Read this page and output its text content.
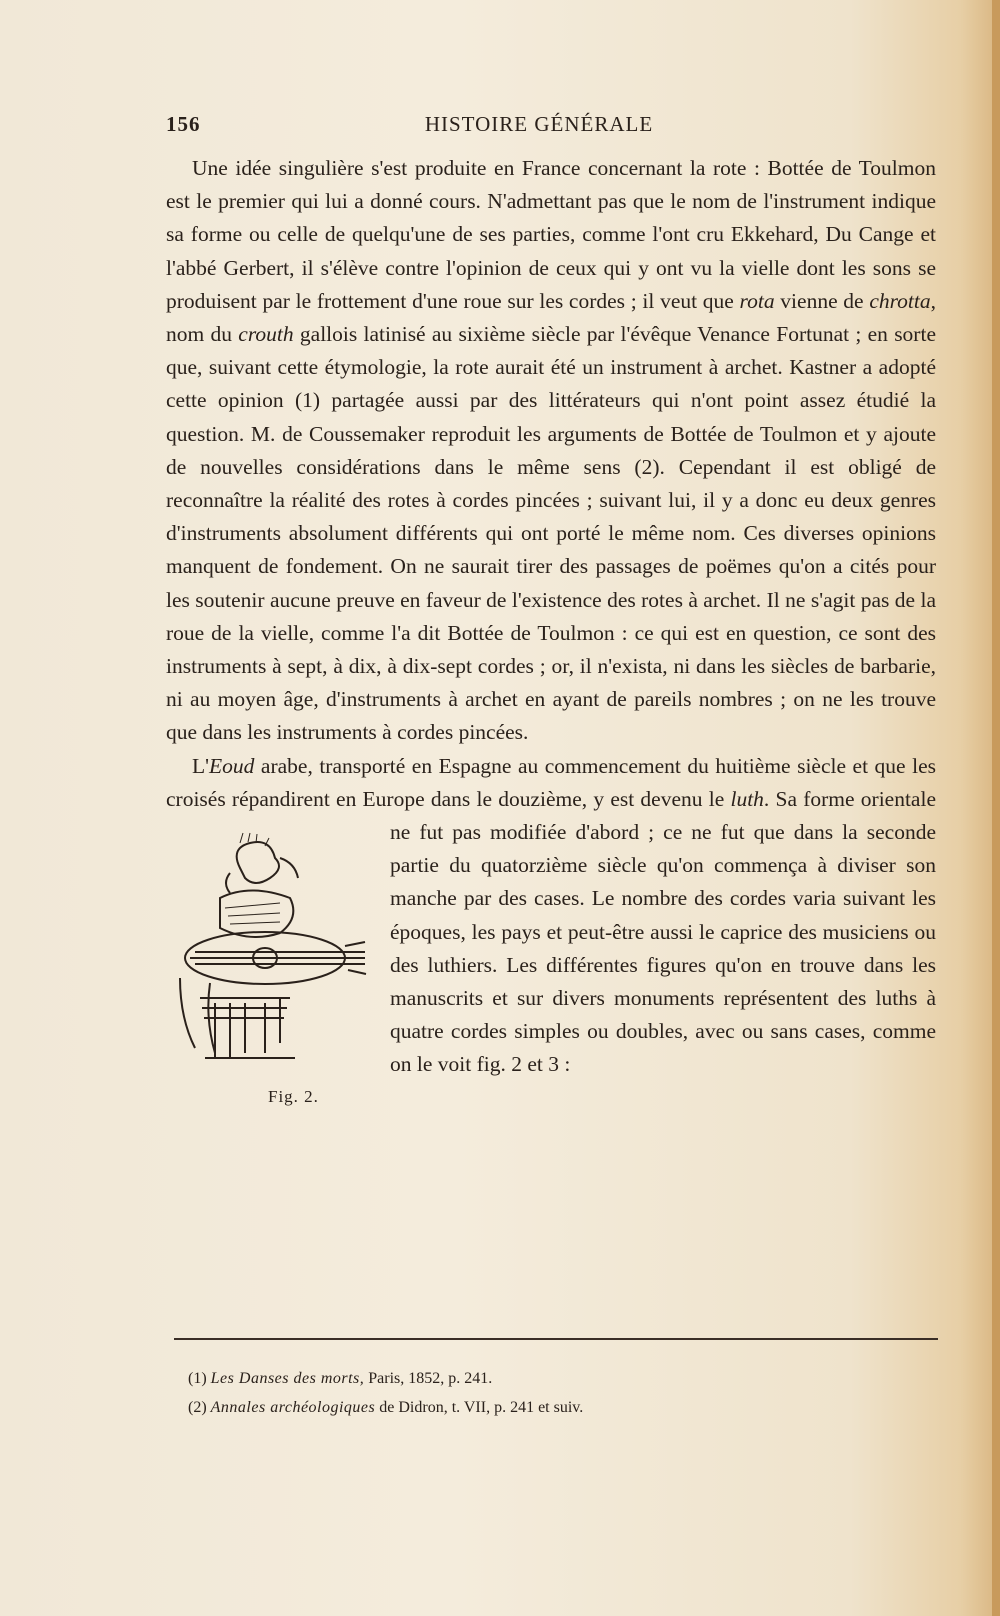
156	HISTOIRE GÉNÉRALE

Une idée singulière s'est produite en France concernant la rote : Bottée de Toulmon est le premier qui lui a donné cours. N'admettant pas que le nom de l'instrument indique sa forme ou celle de quelqu'une de ses parties, comme l'ont cru Ekkehard, Du Cange et l'abbé Gerbert, il s'élève contre l'opinion de ceux qui y ont vu la vielle dont les sons se produisent par le frottement d'une roue sur les cordes ; il veut que rota vienne de chrotta, nom du crouth gallois latinisé au sixième siècle par l'évêque Venance Fortunat ; en sorte que, suivant cette étymologie, la rote aurait été un instrument à archet. Kastner a adopté cette opinion (1) partagée aussi par des littérateurs qui n'ont point assez étudié la question. M. de Coussemaker reproduit les arguments de Bottée de Toulmon et y ajoute de nouvelles considérations dans le même sens (2). Cependant il est obligé de reconnaître la réalité des rotes à cordes pincées ; suivant lui, il y a donc eu deux genres d'instruments absolument différents qui ont porté le même nom. Ces diverses opinions manquent de fondement. On ne saurait tirer des passages de poëmes qu'on a cités pour les soutenir aucune preuve en faveur de l'existence des rotes à archet. Il ne s'agit pas de la roue de la vielle, comme l'a dit Bottée de Toulmon : ce qui est en question, ce sont des instruments à sept, à dix, à dix-sept cordes ; or, il n'exista, ni dans les siècles de barbarie, ni au moyen âge, d'instruments à archet en ayant de pareils nombres ; on ne les trouve que dans les instruments à cordes pincées.

L'Eoud arabe, transporté en Espagne au commencement du huitième siècle et que les croisés répandirent en Europe dans le douzième, y est devenu le luth
Fig. 2.
. Sa forme orientale ne fut pas modifiée d'abord ; ce ne fut que dans la seconde partie du quatorzième siècle qu'on commença à diviser son manche par des cases. Le nombre des cordes varia suivant les époques, les pays et peut-être aussi le caprice des musiciens ou des luthiers. Les différentes figures qu'on en trouve dans les manuscrits et sur divers monuments représentent des luths à quatre cordes simples ou doubles, avec ou sans cases, comme on le voit fig. 2 et 3 :

(1) Les Danses des morts, Paris, 1852, p. 241.
(2) Annales archéologiques de Didron, t. VII, p. 241 et suiv.
